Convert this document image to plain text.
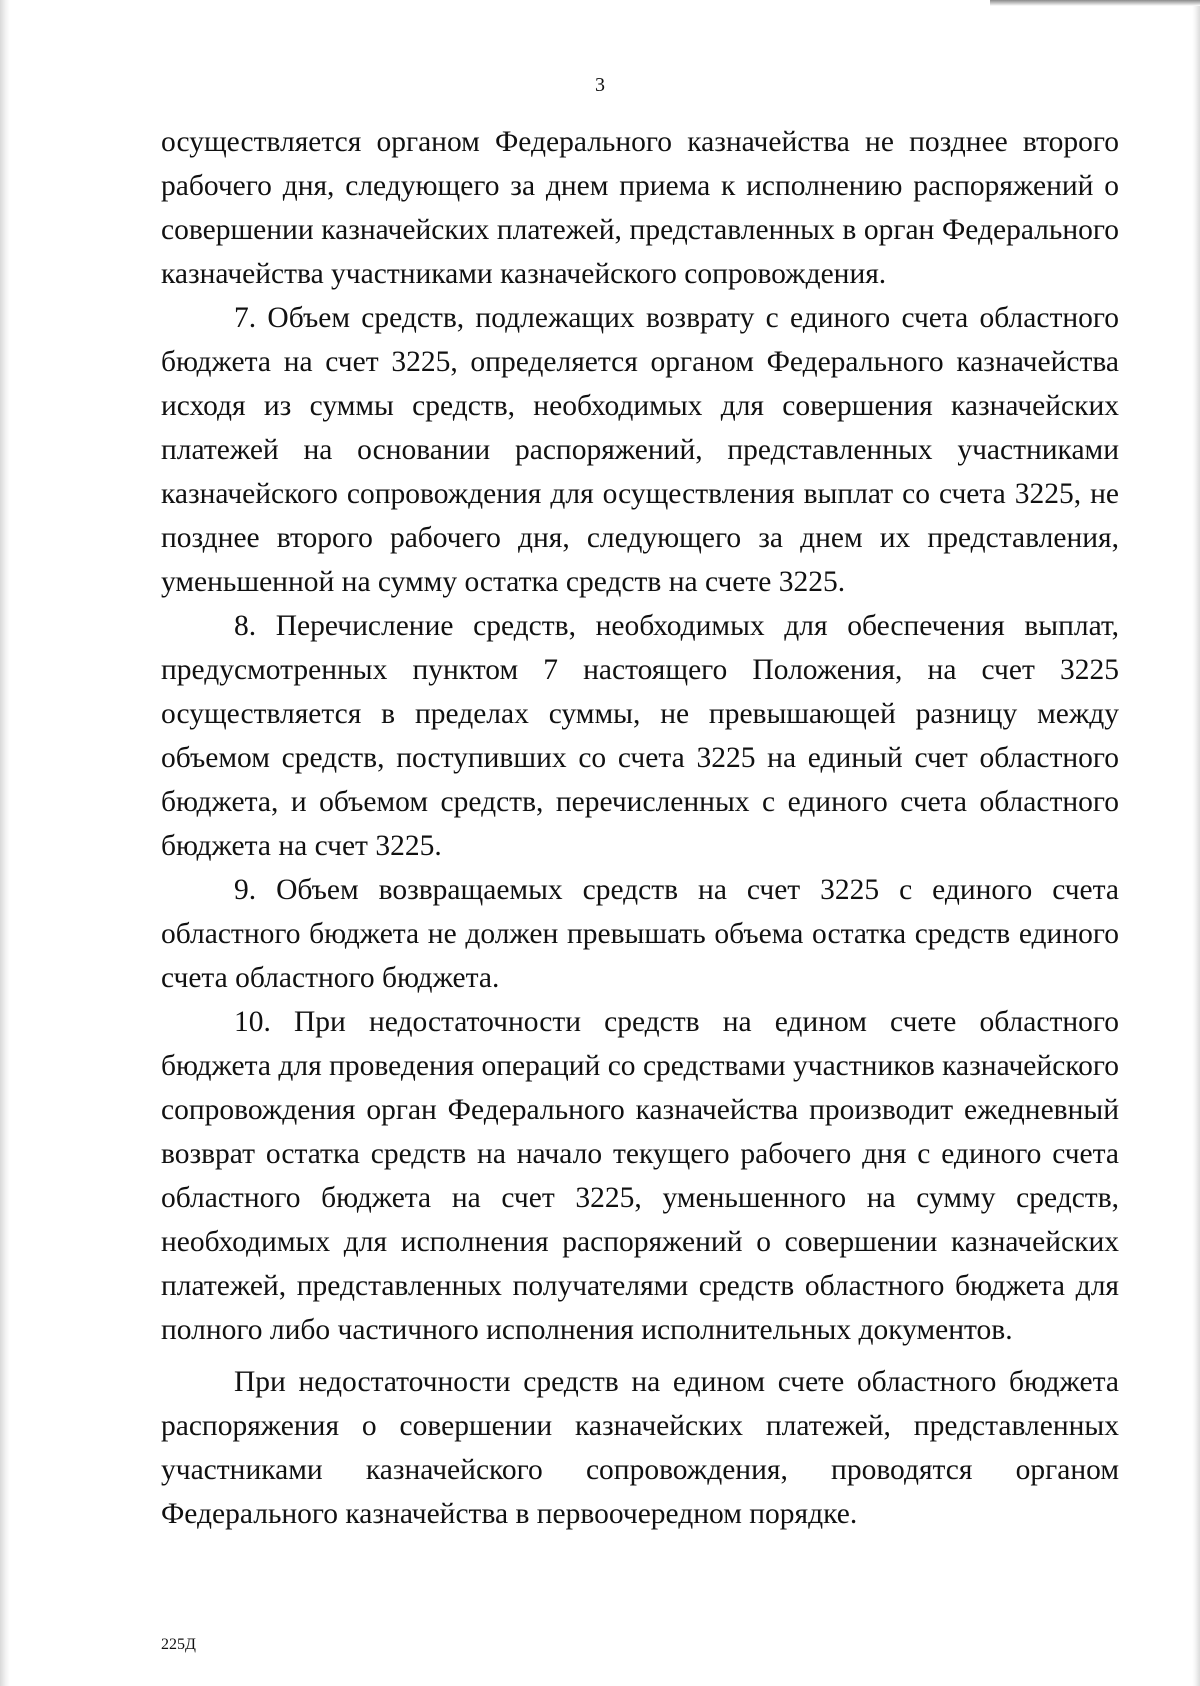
3

осуществляется органом Федерального казначейства не позднее второго рабочего дня, следующего за днем приема к исполнению распоряжений о совершении казначейских платежей, представленных в орган Федерального казначейства участниками казначейского сопровождения.

7. Объем средств, подлежащих возврату с единого счета областного бюджета на счет 3225, определяется органом Федерального казначейства исходя из суммы средств, необходимых для совершения казначейских платежей на основании распоряжений, представленных участниками казначейского сопровождения для осуществления выплат со счета 3225, не позднее второго рабочего дня, следующего за днем их представления, уменьшенной на сумму остатка средств на счете 3225.

8. Перечисление средств, необходимых для обеспечения выплат, предусмотренных пунктом 7 настоящего Положения, на счет 3225 осуществляется в пределах суммы, не превышающей разницу между объемом средств, поступивших со счета 3225 на единый счет областного бюджета, и объемом средств, перечисленных с единого счета областного бюджета на счет 3225.

9. Объем возвращаемых средств на счет 3225 с единого счета областного бюджета не должен превышать объема остатка средств единого счета областного бюджета.

10. При недостаточности средств на едином счете областного бюджета для проведения операций со средствами участников казначейского сопровождения орган Федерального казначейства производит ежедневный возврат остатка средств на начало текущего рабочего дня с единого счета областного бюджета на счет 3225, уменьшенного на сумму средств, необходимых для исполнения распоряжений о совершении казначейских платежей, представленных получателями средств областного бюджета для полного либо частичного исполнения исполнительных документов.

При недостаточности средств на едином счете областного бюджета распоряжения о совершении казначейских платежей, представленных участниками казначейского сопровождения, проводятся органом Федерального казначейства в первоочередном порядке.

225Д
